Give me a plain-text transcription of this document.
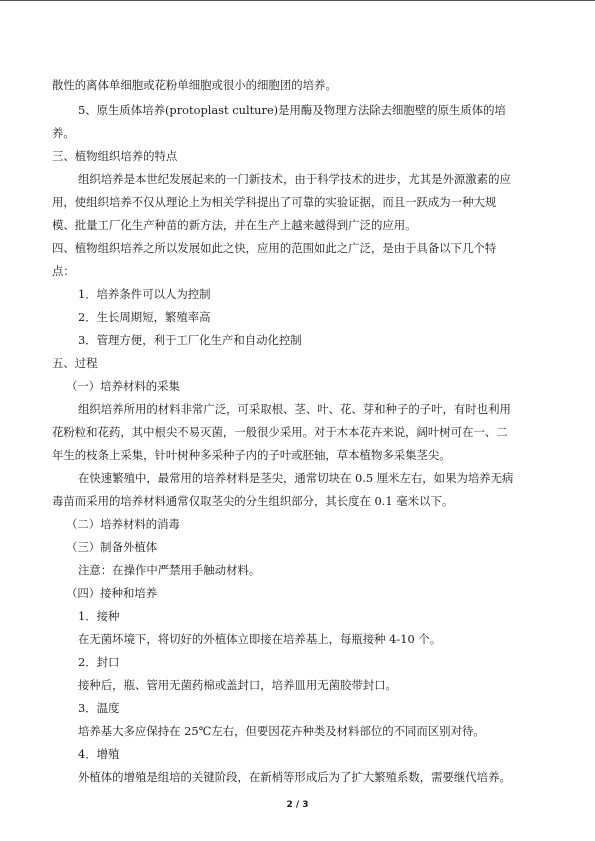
散性的离体单细胞或花粉单细胞或很小的细胞团的培养。
5、原生质体培养(protoplast culture)是用酶及物理方法除去细胞壁的原生质体的培
养。
三、植物组织培养的特点
组织培养是本世纪发展起来的一门新技术，由于科学技术的进步，尤其是外源激素的应
用，使组织培养不仅从理论上为相关学科提出了可靠的实验证据，而且一跃成为一种大规
模、批量工厂化生产种苗的新方法，并在生产上越来越得到广泛的应用。
四、植物组织培养之所以发展如此之快，应用的范围如此之广泛，是由于具备以下几个特
点：
1．培养条件可以人为控制
2．生长周期短，繁殖率高
3．管理方便，利于工厂化生产和自动化控制
五、过程
（一）培养材料的采集
组织培养所用的材料非常广泛，可采取根、茎、叶、花、芽和种子的子叶，有时也利用
花粉粒和花药，其中根尖不易灭菌，一般很少采用。对于木本花卉来说，阔叶树可在一、二
年生的枝条上采集，针叶树种多采种子内的子叶或胚轴，草本植物多采集茎尖。
在快速繁殖中，最常用的培养材料是茎尖，通常切块在 0.5 厘米左右，如果为培养无病
毒苗而采用的培养材料通常仅取茎尖的分生组织部分，其长度在 0.1 毫米以下。
（二）培养材料的消毒
（三）制备外植体
注意：在操作中严禁用手触动材料。
（四）接种和培养
1．接种
在无菌坏境下，将切好的外植体立即接在培养基上，每瓶接种 4-10 个。
2．封口
接种后，瓶、管用无菌药棉或盖封口，培养皿用无菌胶带封口。
3．温度
培养基大多应保持在 25℃左右，但要因花卉种类及材料部位的不同而区别对待。
4．增殖
外植体的增殖是组培的关键阶段，在新梢等形成后为了扩大繁殖系数，需要继代培养。
2 / 3
